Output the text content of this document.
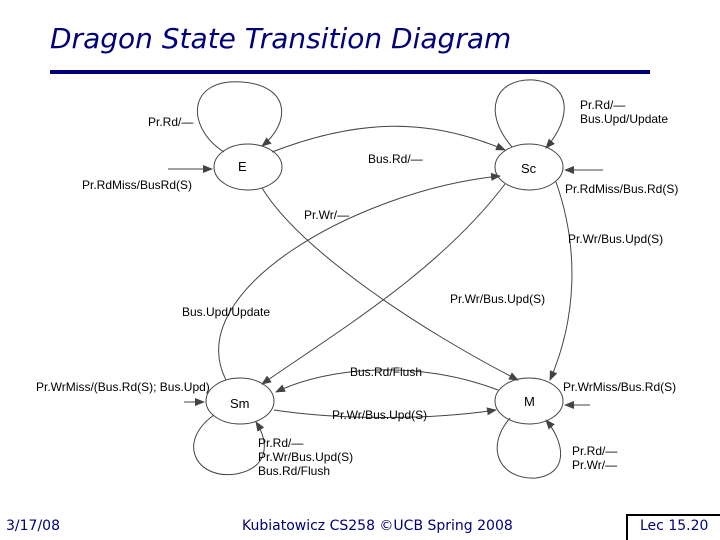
Dragon State Transition Diagram
E	Sc
Sm	M
Pr.Rd/—
Pr.RdMiss/BusRd(S)
Pr.Rd/—
Bus.Upd/Update
Bus.Rd/—
Pr.RdMiss/Bus.Rd(S)
Pr.Wr/—
Pr.Wr/Bus.Upd(S)
Pr.Wr/Bus.Upd(S)
Bus.Upd/Update
Bus.Rd/Flush
Pr.WrMiss/(Bus.Rd(S); Bus.Upd)
Pr.Wr/Bus.Upd(S)
Pr.WrMiss/Bus.Rd(S)
Pr.Rd/—
Pr.Wr/Bus.Upd(S)
Bus.Rd/Flush
Pr.Rd/—
Pr.Wr/—
3/17/08	Kubiatowicz CS258 ©UCB Spring 2008	Lec 15.20
